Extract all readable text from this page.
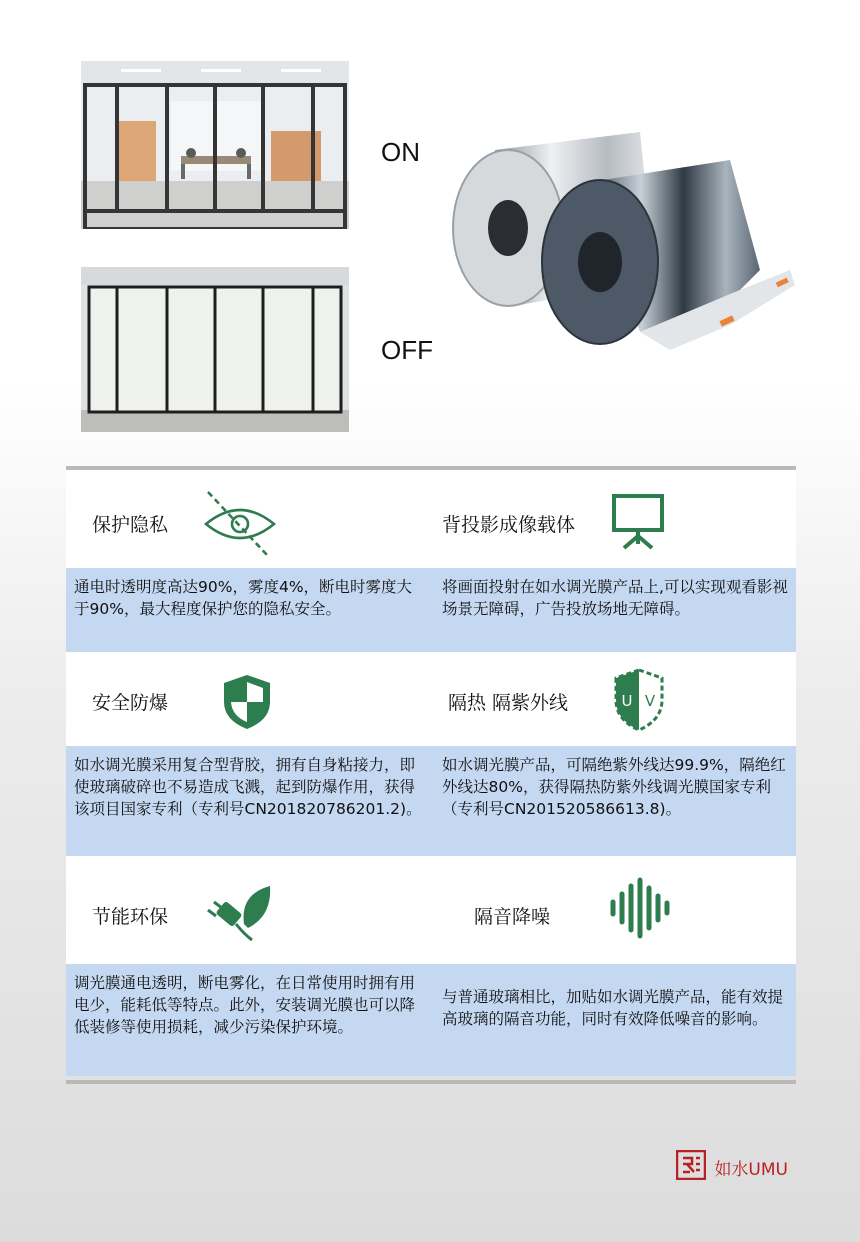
ON
OFF
保护隐私
通电时透明度高达90%，雾度4%，断电时雾度大于90%，最大程度保护您的隐私安全。
背投影成像载体
将画面投射在如水调光膜产品上,可以实现观看影视场景无障碍，广告投放场地无障碍。
安全防爆
如水调光膜采用复合型背胶，拥有自身粘接力，即使玻璃破碎也不易造成飞溅，起到防爆作用，获得该项目国家专利（专利号CN201820786201.2)。
隔热 隔紫外线	U V
如水调光膜产品，可隔绝紫外线达99.9%，隔绝红外线达80%，获得隔热防紫外线调光膜国家专利（专利号CN201520586613.8)。
节能环保
调光膜通电透明，断电雾化，在日常使用时拥有用电少，能耗低等特点。此外，安装调光膜也可以降低装修等使用损耗，减少污染保护环境。
隔音降噪
与普通玻璃相比，加贴如水调光膜产品，能有效提高玻璃的隔音功能，同时有效降低噪音的影响。
如水UMU
